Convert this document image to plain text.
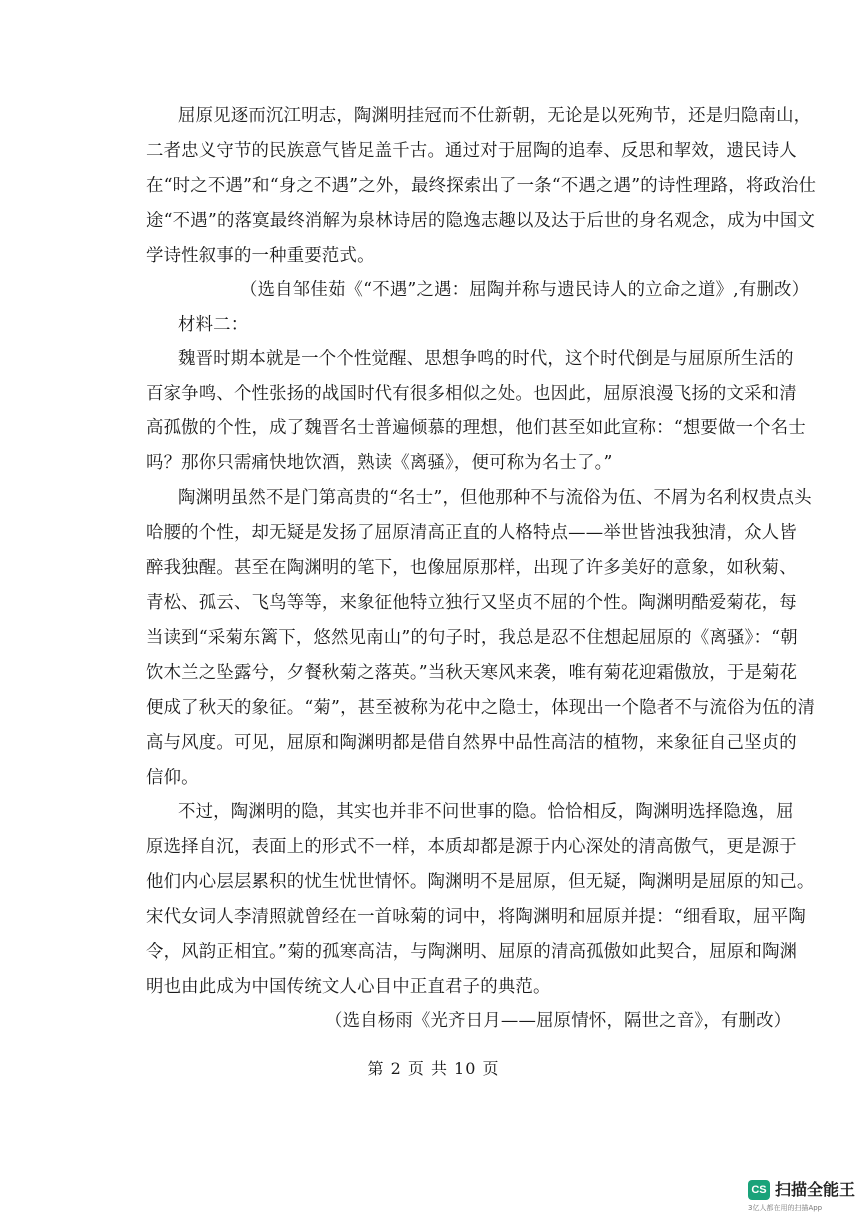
屈原见逐而沉江明志，陶渊明挂冠而不仕新朝，无论是以死殉节，还是归隐南山，
二者忠义守节的民族意气皆足盖千古。通过对于屈陶的追奉、反思和挈效，遗民诗人
在“时之不遇”和“身之不遇”之外，最终探索出了一条“不遇之遇”的诗性理路，将政治仕
途“不遇”的落寞最终消解为泉林诗居的隐逸志趣以及达于后世的身名观念，成为中国文
学诗性叙事的一种重要范式。
（选自邹佳茹《“不遇”之遇：屈陶并称与遗民诗人的立命之道》,有删改）
材料二：
魏晋时期本就是一个个性觉醒、思想争鸣的时代，这个时代倒是与屈原所生活的
百家争鸣、个性张扬的战国时代有很多相似之处。也因此，屈原浪漫飞扬的文采和清
高孤傲的个性，成了魏晋名士普遍倾慕的理想，他们甚至如此宣称：“想要做一个名士
吗？那你只需痛快地饮酒，熟读《离骚》，便可称为名士了。”
陶渊明虽然不是门第高贵的“名士”，但他那种不与流俗为伍、不屑为名利权贵点头
哈腰的个性，却无疑是发扬了屈原清高正直的人格特点——举世皆浊我独清，众人皆
醉我独醒。甚至在陶渊明的笔下，也像屈原那样，出现了许多美好的意象，如秋菊、
青松、孤云、飞鸟等等，来象征他特立独行又坚贞不屈的个性。陶渊明酷爱菊花，每
当读到“采菊东篱下，悠然见南山”的句子时，我总是忍不住想起屈原的《离骚》：“朝
饮木兰之坠露兮，夕餐秋菊之落英。”当秋天寒风来袭，唯有菊花迎霜傲放，于是菊花
便成了秋天的象征。“菊”，甚至被称为花中之隐士，体现出一个隐者不与流俗为伍的清
高与风度。可见，屈原和陶渊明都是借自然界中品性高洁的植物，来象征自己坚贞的
信仰。
不过，陶渊明的隐，其实也并非不问世事的隐。恰恰相反，陶渊明选择隐逸，屈
原选择自沉，表面上的形式不一样，本质却都是源于内心深处的清高傲气，更是源于
他们内心层层累积的忧生忧世情怀。陶渊明不是屈原，但无疑，陶渊明是屈原的知己。
宋代女词人李清照就曾经在一首咏菊的词中，将陶渊明和屈原并提：“细看取，屈平陶
令，风韵正相宜。”菊的孤寒高洁，与陶渊明、屈原的清高孤傲如此契合，屈原和陶渊
明也由此成为中国传统文人心目中正直君子的典范。
（选自杨雨《光齐日月——屈原情怀，隔世之音》，有删改）
第 2 页 共 10 页
CS 扫描全能王
3亿人都在用的扫描App
